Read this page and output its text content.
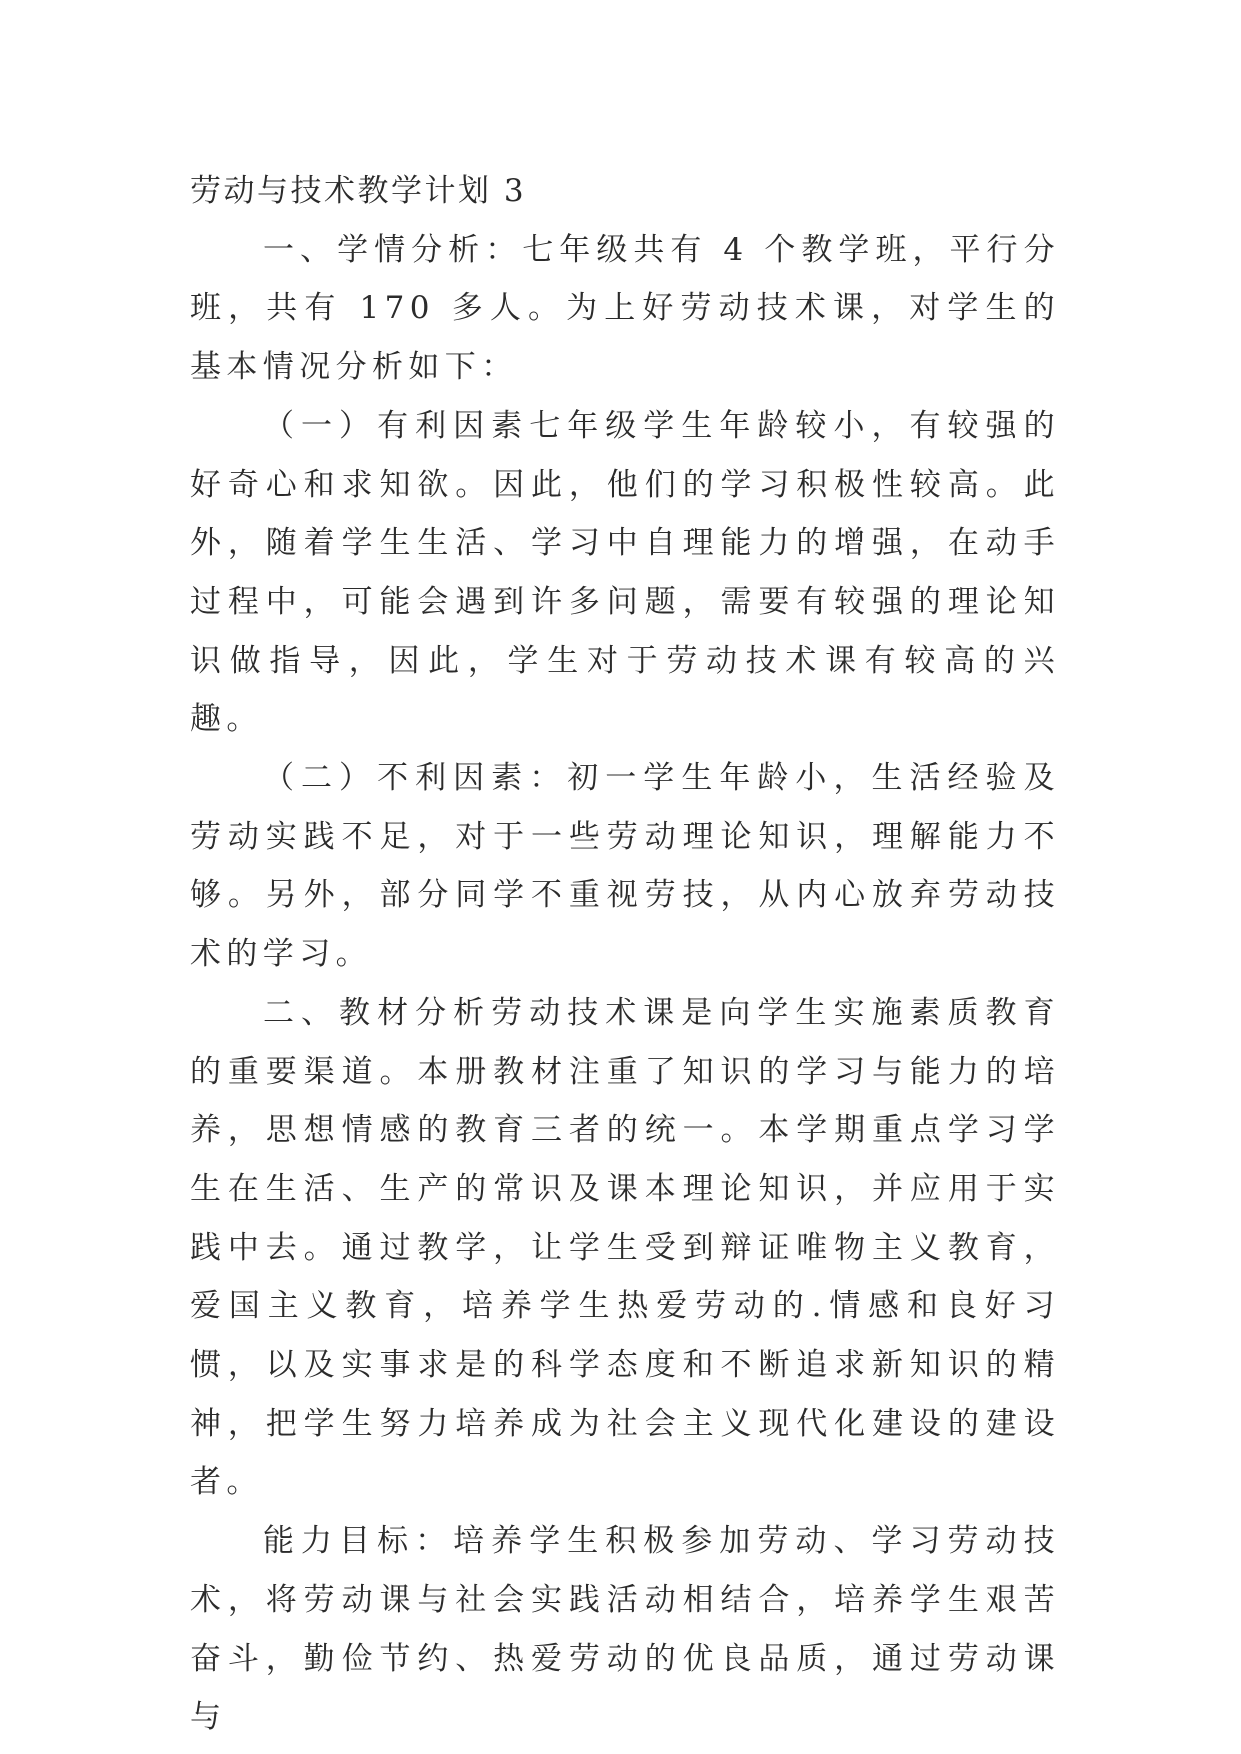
劳动与技术教学计划 3

一、学情分析：七年级共有 4 个教学班，平行分班，共有 170 多人。为上好劳动技术课，对学生的基本情况分析如下：

（一）有利因素七年级学生年龄较小，有较强的好奇心和求知欲。因此，他们的学习积极性较高。此外，随着学生生活、学习中自理能力的增强，在动手过程中，可能会遇到许多问题，需要有较强的理论知识做指导，因此，学生对于劳动技术课有较高的兴趣。

（二）不利因素：初一学生年龄小，生活经验及劳动实践不足，对于一些劳动理论知识，理解能力不够。另外，部分同学不重视劳技，从内心放弃劳动技术的学习。

二、教材分析劳动技术课是向学生实施素质教育的重要渠道。本册教材注重了知识的学习与能力的培养，思想情感的教育三者的统一。本学期重点学习学生在生活、生产的常识及课本理论知识，并应用于实践中去。通过教学，让学生受到辩证唯物主义教育，爱国主义教育，培养学生热爱劳动的.情感和良好习惯，以及实事求是的科学态度和不断追求新知识的精神，把学生努力培养成为社会主义现代化建设的建设者。

能力目标：培养学生积极参加劳动、学习劳动技术，将劳动课与社会实践活动相结合，培养学生艰苦奋斗，勤俭节约、热爱劳动的优良品质，通过劳动课与
